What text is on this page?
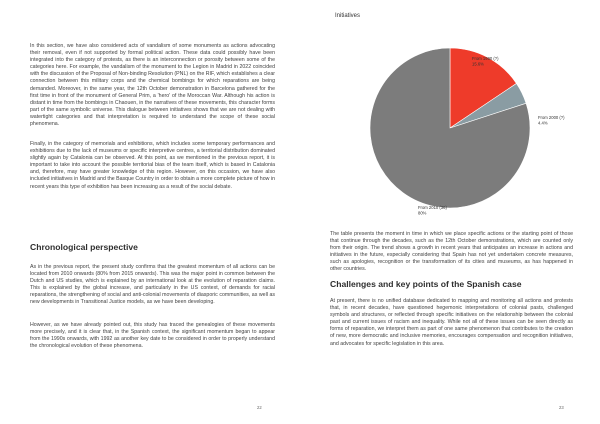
In this section, we have also considered acts of vandalism of some monuments as actions advocating their removal, even if not supported by formal political action. These data could possibly have been integrated into the category of protests, as there is an interconnection or porosity between some of the categories here. For example, the vandalism of the monument to the Legion in Madrid in 2022 coincided with the discussion of the Proposal of Non-binding Resolution (PNL) on the RIF, which establishes a clear connection between this military corps and the chemical bombings for which reparations are being demanded. Moreover, in the same year, the 12th October demonstration in Barcelona gathered for the first time in front of the monument of General Prim, a 'hero' of the Moroccan War. Although his action is distant in time from the bombings in Chaouen, in the narratives of these movements, this character forms part of the same symbolic universe. This dialogue between initiatives shows that we are not dealing with watertight categories and that interpretation is required to understand the scope of these social phenomena.

Finally, in the category of memorials and exhibitions, which includes some temporary performances and exhibitions due to the lack of museums or specific interpretive centres, a territorial distribution dominated slightly again by Catalonia can be observed. At this point, as we mentioned in the previous report, it is important to take into account the possible territorial bias of the team itself, which is based in Catalonia and, therefore, may have greater knowledge of this region. However, on this occasion, we have also included initiatives in Madrid and the Basque Country in order to obtain a more complete picture of how in recent years this type of exhibition has been increasing as a result of the social debate.

Chronological perspective

As in the previous report, the present study confirms that the greatest momentum of all actions can be located from 2010 onwards (80% from 2015 onwards). This was the major point in common between the Dutch and US studies, which is explained by an international look at the evolution of reparation claims. This is explained by the global increase, and particularly in the US context, of demands for racial reparations, the strengthening of social and anti-colonial movements of diasporic communities, as well as new developments in Transitional Justice models, as we have been developing.

However, as we have already pointed out, this study has traced the genealogies of these movements more precisely, and it is clear that, in the Spanish context, the significant momentum began to appear from the 1990s onwards, with 1992 as another key date to be considered in order to properly understand the chronological evolution of these phenomena.

22

Initiatives

From 1990 (?)
15.6%
From 2000 (?)
4.4%
From 2010 (36)
80%

The table presents the moment in time in which we place specific actions or the starting point of those that continue through the decades, such as the 12th October demonstrations, which are counted only from their origin. The trend shows a growth in recent years that anticipates an increase in actions and initiatives in the future, especially considering that Spain has not yet undertaken concrete measures, such as apologies, recognition or the transformation of its cities and museums, as has happened in other countries.

Challenges and key points of the Spanish case

At present, there is no unified database dedicated to mapping and monitoring all actions and protests that, in recent decades, have questioned hegemonic interpretations of colonial pasts, challenged symbols and structures, or reflected through specific initiatives on the relationship between the colonial past and current issues of racism and inequality. While not all of these issues can be seen directly as forms of reparation, we interpret them as part of one same phenomenon that contributes to the creation of new, more democratic and inclusive memories, encourages compensation and recognition initiatives, and advocates for specific legislation in this area.

23
